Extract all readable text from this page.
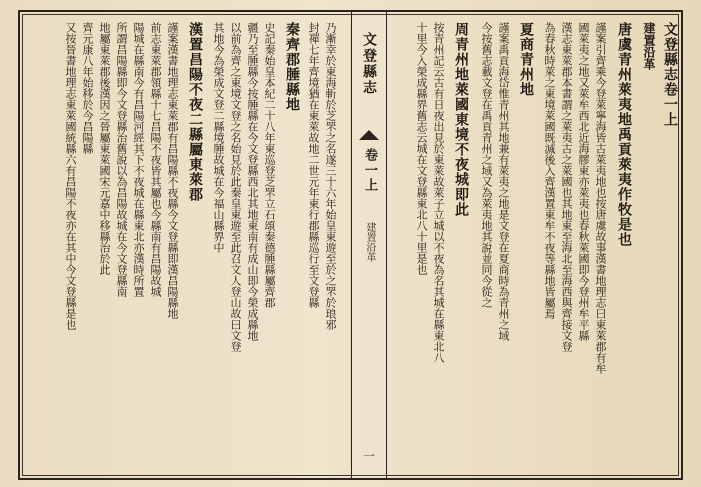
文登縣志
卷一上
建置沿革
一
文登縣志卷一上
建置沿革
唐虞青州萊夷地禹貢萊夷作牧是也
謹案引齊乘今登萊寧海皆古萊夷地也按唐虞故事漢書地理志曰東萊郡有牟
國萊夷之地又萊牟西北近海膠東亦萊夷也春秋萊國即今登州牟平縣
漢志東萊郡本書謂之萊夷古之萊國也其地東至海北至海西與齊接文登
為春秋時萊之東境萊國既滅後入齊漢置東牟不夜等縣地皆屬焉
夏商青州地
謹案禹貢海岱惟青州其地兼有萊夷之地是文登在夏商時為青州之域
今按舊志載文登在禹貢青州之域又為萊夷地其說並同今從之
周青州地萊國東境不夜城即此
按青州記云古有日夜出見於東萊故萊子立城以不夜為名其城在縣東北八
十里今入榮成縣界舊志云城在文登縣東北八十里是也
乃漸幸於東海斬於芝罘之名遂三十六年始皇東遊至於之罘於琅邪
封禪七年齊境猶在東萊故地二世元年東行郡縣巡行至文登縣
秦齊郡腄縣地
史記秦始皇本紀二十八年東巡登芝罘立石頌秦德腄縣屬齊郡
疆乃至腄縣今按腄縣在今文登縣西北其地東南有成山即今榮成縣地
以前為齊之東境文登之名始見於此秦皇東遊至此召文人登山故曰文登
其地今為榮成文登二縣境腄故城在今福山縣界中
漢置昌陽不夜二縣屬東萊郡
謹案漢書地理志東萊郡有昌陽縣不夜縣今文登縣即漢昌陽縣地
前志東萊郡領縣十七昌陽不夜皆其屬也今縣南有昌陽故城
陽城在縣南今有昌陽河經其下不夜城在縣東北亦漢時所置
所謂昌陽縣即今文登縣治舊說以為昌陽故城在今文登縣南
地屬東萊郡後漢因之晉屬東萊國宋元嘉中移縣治於此
齊元康八年始移於今昌陽縣
又按晉書地理志東萊國統縣六有昌陽不夜亦在其中今文登縣是也
